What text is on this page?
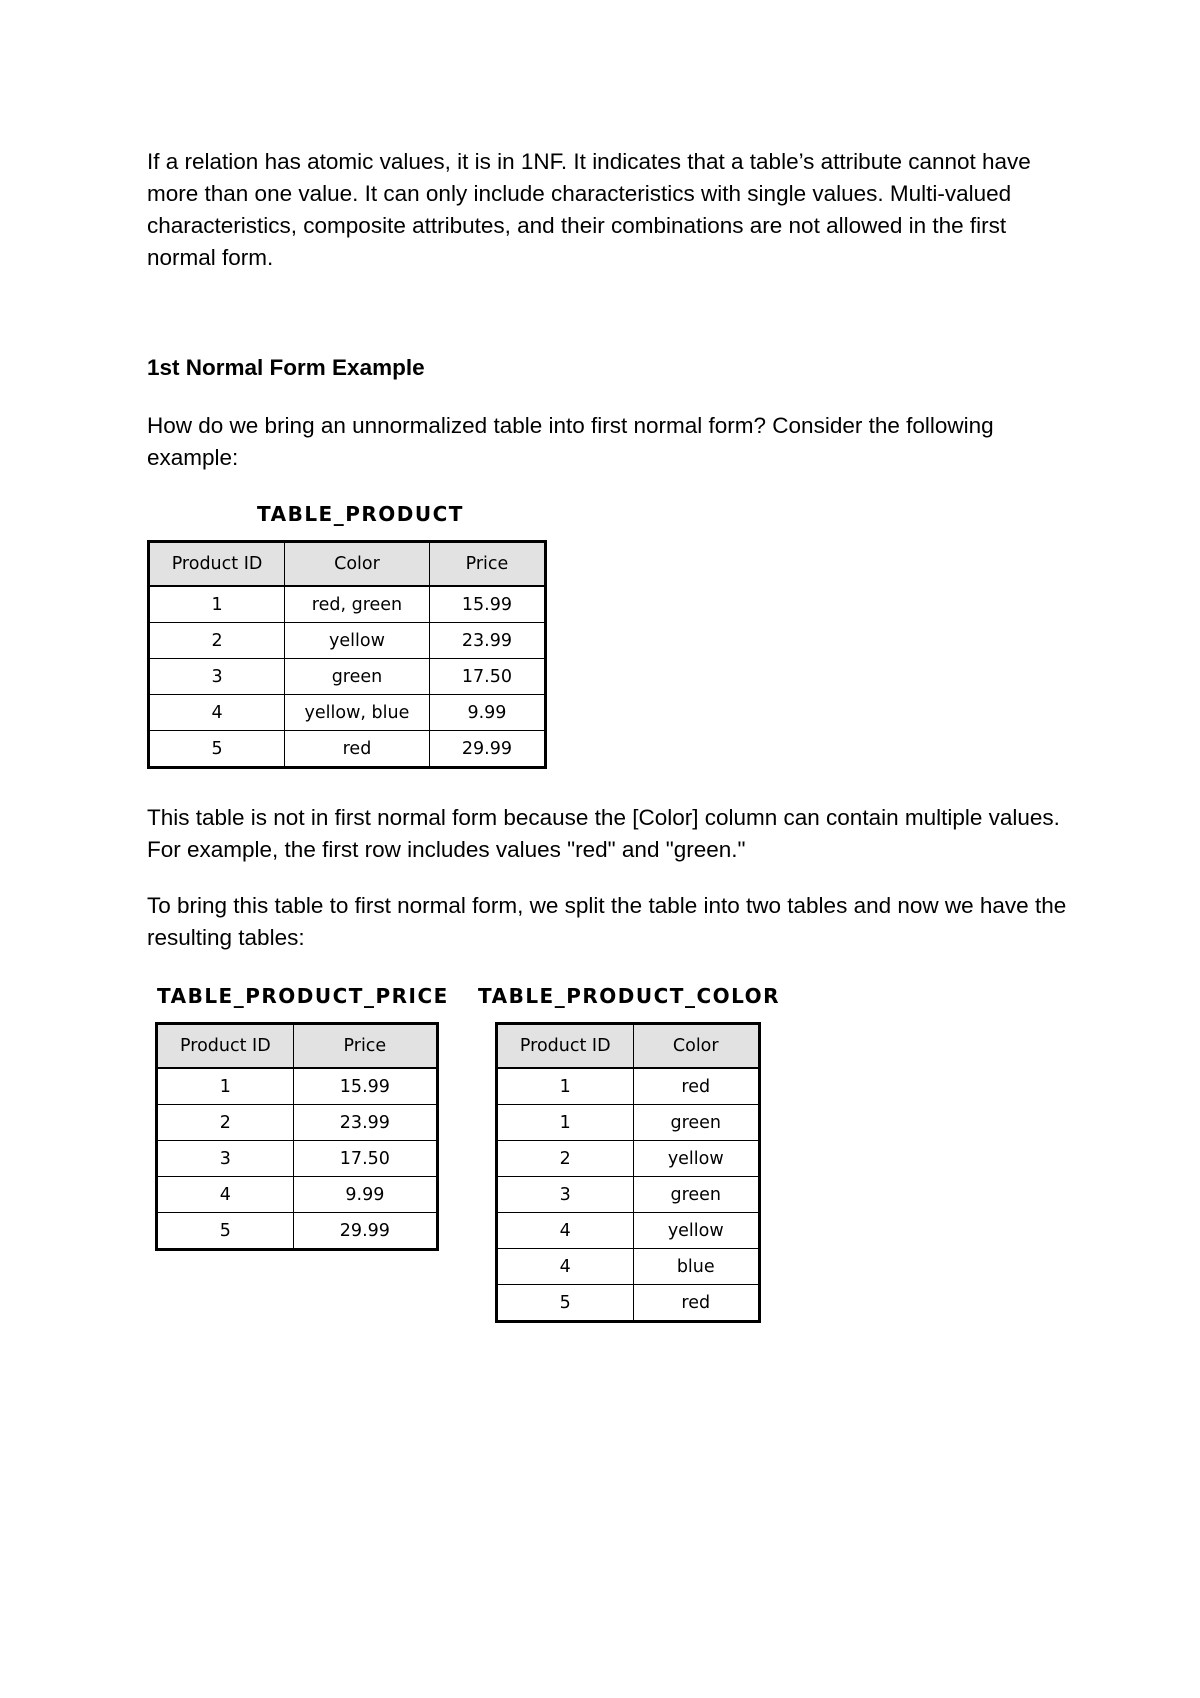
If a relation has atomic values, it is in 1NF. It indicates that a table’s attribute cannot have more than one value. It can only include characteristics with single values. Multi-valued characteristics, composite attributes, and their combinations are not allowed in the first normal form.

1st Normal Form Example

How do we bring an unnormalized table into first normal form? Consider the following example:

TABLE_PRODUCT

Product ID	Color	Price
1	red, green	15.99
2	yellow	23.99
3	green	17.50
4	yellow, blue	9.99
5	red	29.99

This table is not in first normal form because the [Color] column can contain multiple values. For example, the first row includes values "red" and "green."

To bring this table to first normal form, we split the table into two tables and now we have the resulting tables:

TABLE_PRODUCT_PRICE

Product ID	Price
1	15.99
2	23.99
3	17.50
4	9.99
5	29.99

TABLE_PRODUCT_COLOR

Product ID	Color
1	red
1	green
2	yellow
3	green
4	yellow
4	blue
5	red
